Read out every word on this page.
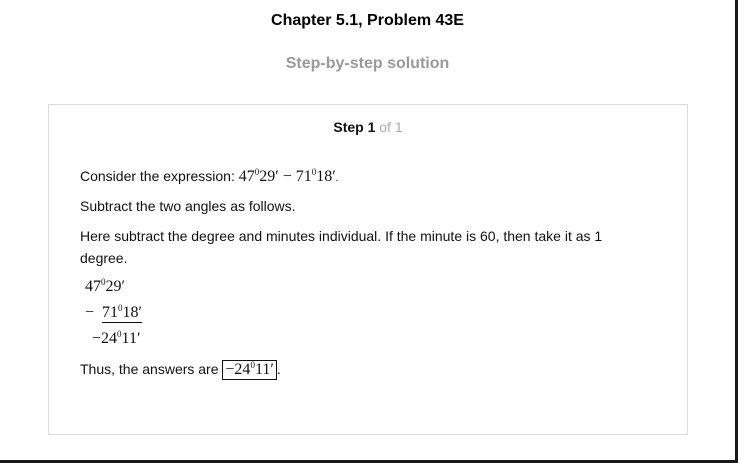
Chapter 5.1, Problem 43E
Step-by-step solution
Step 1 of 1
Consider the expression: $47^029' - 71^018'$.
Subtract the two angles as follows.
Here subtract the degree and minutes individual. If the minute is 60, then take it as 1 degree.
$47^029'$
− $71^018'$
$-24^011'$
Thus, the answers are $-24^011'$ .
